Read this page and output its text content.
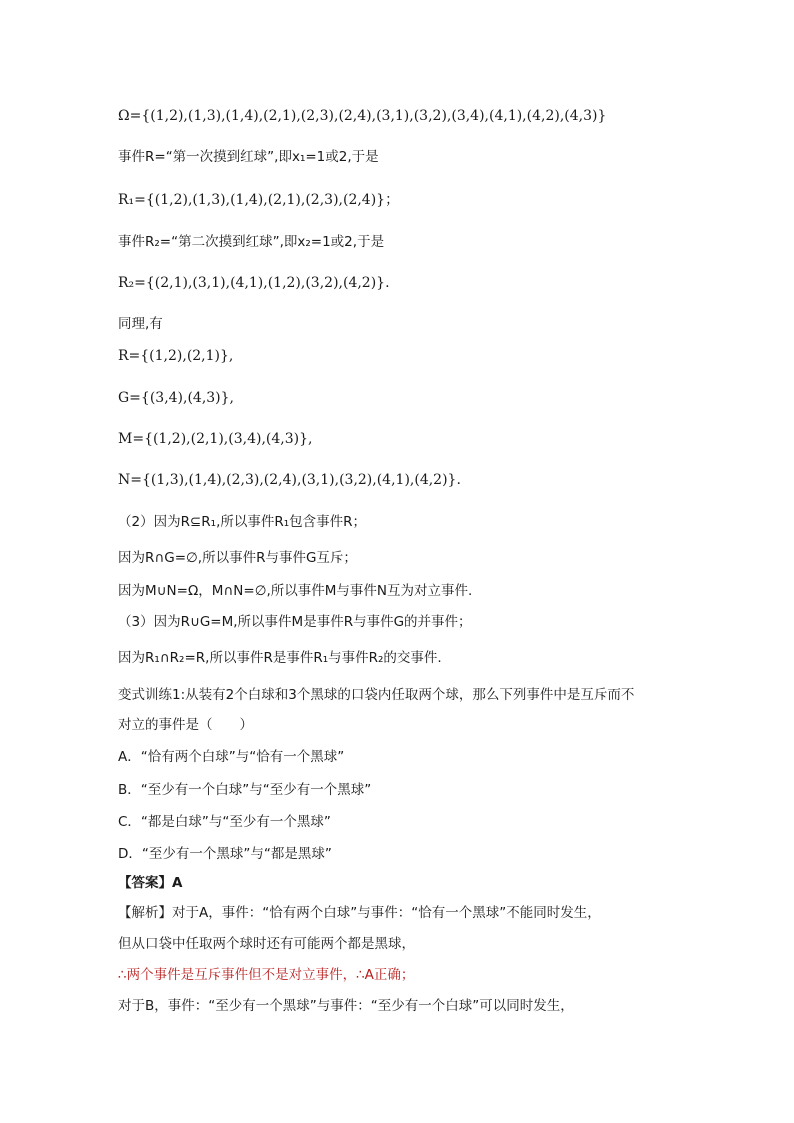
Ω={(1,2),(1,3),(1,4),(2,1),(2,3),(2,4),(3,1),(3,2),(3,4),(4,1),(4,2),(4,3)}
事件R=“第一次摸到红球”,即x₁=1或2,于是
R₁={(1,2),(1,3),(1,4),(2,1),(2,3),(2,4)}；
事件R₂=“第二次摸到红球”,即x₂=1或2,于是
R₂={(2,1),(3,1),(4,1),(1,2),(3,2),(4,2)}.
同理,有
R={(1,2),(2,1)},
G={(3,4),(4,3)},
M={(1,2),(2,1),(3,4),(4,3)},
N={(1,3),(1,4),(2,3),(2,4),(3,1),(3,2),(4,1),(4,2)}.
（2）因为R⊆R₁,所以事件R₁包含事件R；
因为R∩G=∅,所以事件R与事件G互斥；
因为M∪N=Ω，M∩N=∅,所以事件M与事件N互为对立事件.
（3）因为R∪G=M,所以事件M是事件R与事件G的并事件；
因为R₁∩R₂=R,所以事件R是事件R₁与事件R₂的交事件.
变式训练1:从装有2个白球和3个黑球的口袋内任取两个球，那么下列事件中是互斥而不
对立的事件是（　　）
A．“恰有两个白球”与“恰有一个黑球”
B．“至少有一个白球”与“至少有一个黑球”
C．“都是白球”与“至少有一个黑球”
D．“至少有一个黑球”与“都是黑球”
【答案】A
【解析】对于A，事件：“恰有两个白球”与事件：“恰有一个黑球”不能同时发生，
但从口袋中任取两个球时还有可能两个都是黑球，
∴两个事件是互斥事件但不是对立事件，∴A正确；
对于B，事件：“至少有一个黑球”与事件：“至少有一个白球”可以同时发生，
